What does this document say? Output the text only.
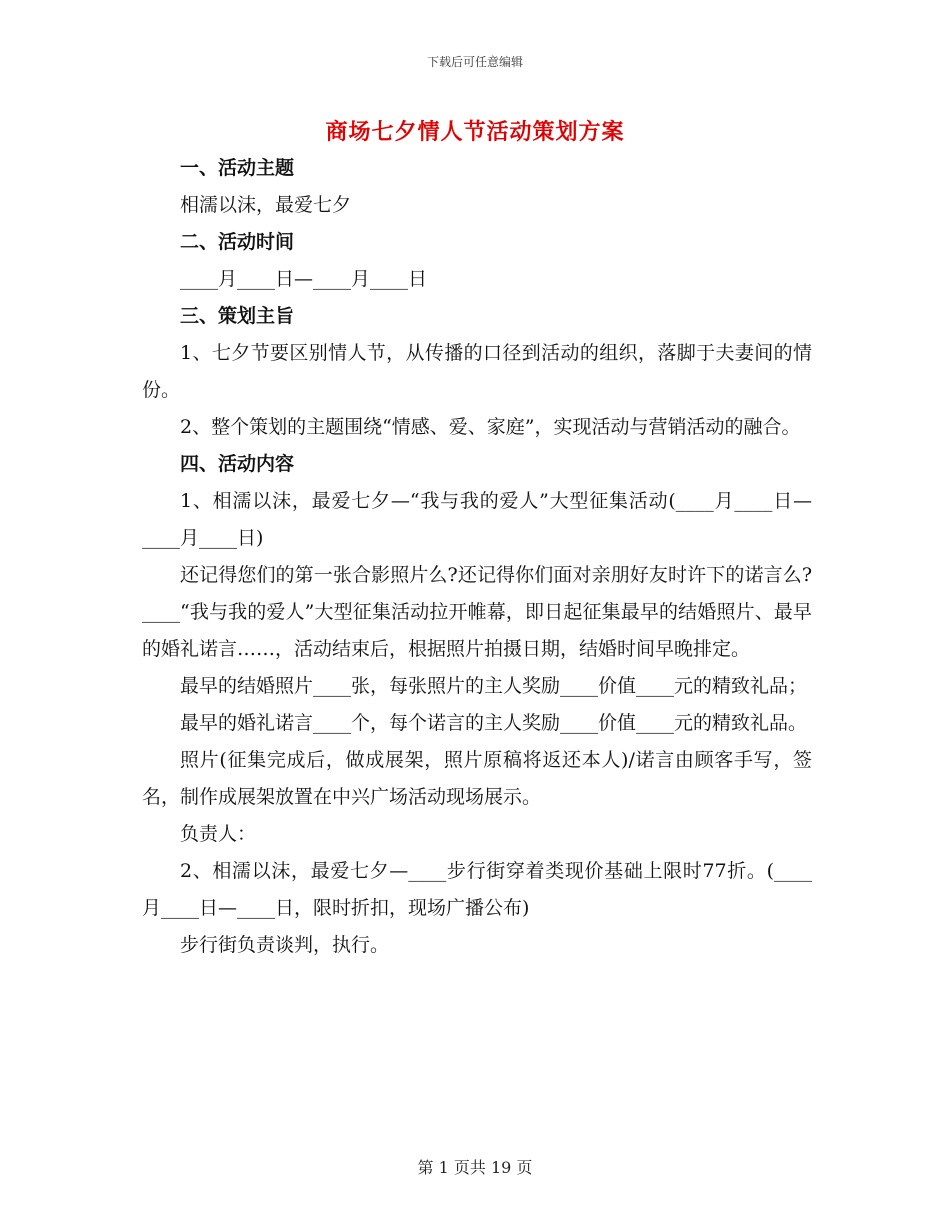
下载后可任意编辑
商场七夕情人节活动策划方案

一、活动主题

相濡以沫，最爱七夕

二、活动时间

____月____日—____月____日

三、策划主旨

1、七夕节要区别情人节，从传播的口径到活动的组织，落脚于夫妻间的情份。

2、整个策划的主题围绕“情感、爱、家庭”，实现活动与营销活动的融合。

四、活动内容

1、相濡以沫，最爱七夕—“我与我的爱人”大型征集活动(____月____日—____月____日)

还记得您们的第一张合影照片么?还记得你们面对亲朋好友时许下的诺言么?____“我与我的爱人”大型征集活动拉开帷幕，即日起征集最早的结婚照片、最早的婚礼诺言……，活动结束后，根据照片拍摄日期，结婚时间早晚排定。

最早的结婚照片____张，每张照片的主人奖励____价值____元的精致礼品；

最早的婚礼诺言____个，每个诺言的主人奖励____价值____元的精致礼品。

照片(征集完成后，做成展架，照片原稿将返还本人)/诺言由顾客手写，签名，制作成展架放置在中兴广场活动现场展示。

负责人：

2、相濡以沫，最爱七夕—____步行街穿着类现价基础上限时77折。(____月____日—____日，限时折扣，现场广播公布)

步行街负责谈判，执行。

第 1 页共 19 页
